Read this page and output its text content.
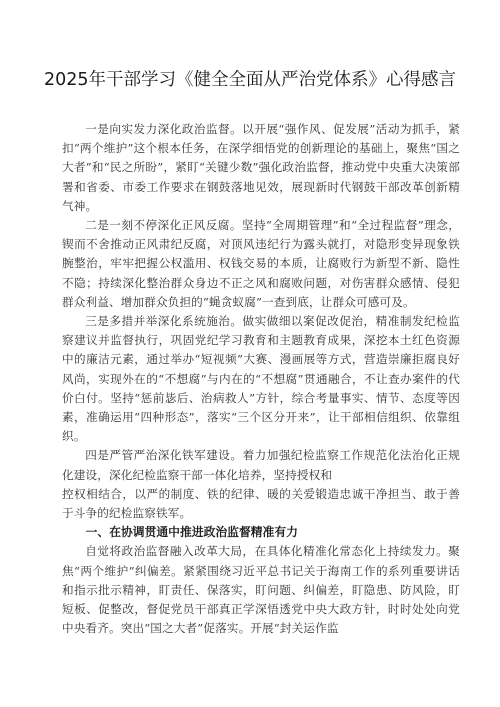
2025年干部学习《健全全面从严治党体系》心得感言

一是向实发力深化政治监督。以开展“强作风、促发展”活动为抓手，紧扣“两个维护”这个根本任务，在深学细悟党的创新理论的基础上，聚焦“国之大者”和“民之所盼”，紧盯“关键少数”强化政治监督，推动党中央重大决策部署和省委、市委工作要求在钢鼓落地见效，展现新时代钢鼓干部改革创新精气神。

二是一刻不停深化正风反腐。坚持“全周期管理”和“全过程监督”理念，锲而不舍推动正风肃纪反腐，对顶风违纪行为露头就打，对隐形变异现象铁腕整治，牢牢把握公权滥用、权钱交易的本质，让腐败行为新型不新、隐性不隐；持续深化整治群众身边不正之风和腐败问题，对伤害群众感情、侵犯群众利益、增加群众负担的“蝇贪蚁腐”一查到底，让群众可感可及。

三是多措并举深化系统施治。做实做细以案促改促治，精准制发纪检监察建议并监督执行，巩固党纪学习教育和主题教育成果，深挖本土红色资源中的廉洁元素，通过举办“短视频”大赛、漫画展等方式，营造崇廉拒腐良好风尚，实现外在的“不想腐”与内在的“不想腐”贯通融合，不让查办案件的代价白付。坚持“惩前毖后、治病救人”方针，综合考量事实、情节、态度等因素，准确运用“四种形态”，落实“三个区分开来”，让干部相信组织、依靠组织。

四是严管严治深化铁军建设。着力加强纪检监察工作规范化法治化正规化建设，深化纪检监察干部一体化培养，坚持授权和

控权相结合，以严的制度、铁的纪律、暖的关爱锻造忠诚干净担当、敢于善于斗争的纪检监察铁军。

一、在协调贯通中推进政治监督精准有力

自觉将政治监督融入改革大局，在具体化精准化常态化上持续发力。聚焦“两个维护”纠偏差。紧紧围绕习近平总书记关于海南工作的系列重要讲话和指示批示精神，盯责任、保落实，盯问题、纠偏差，盯隐患、防风险，盯短板、促整改，督促党员干部真正学深悟透党中央大政方针，时时处处向党中央看齐。突出“国之大者”促落实。开展“封关运作监
